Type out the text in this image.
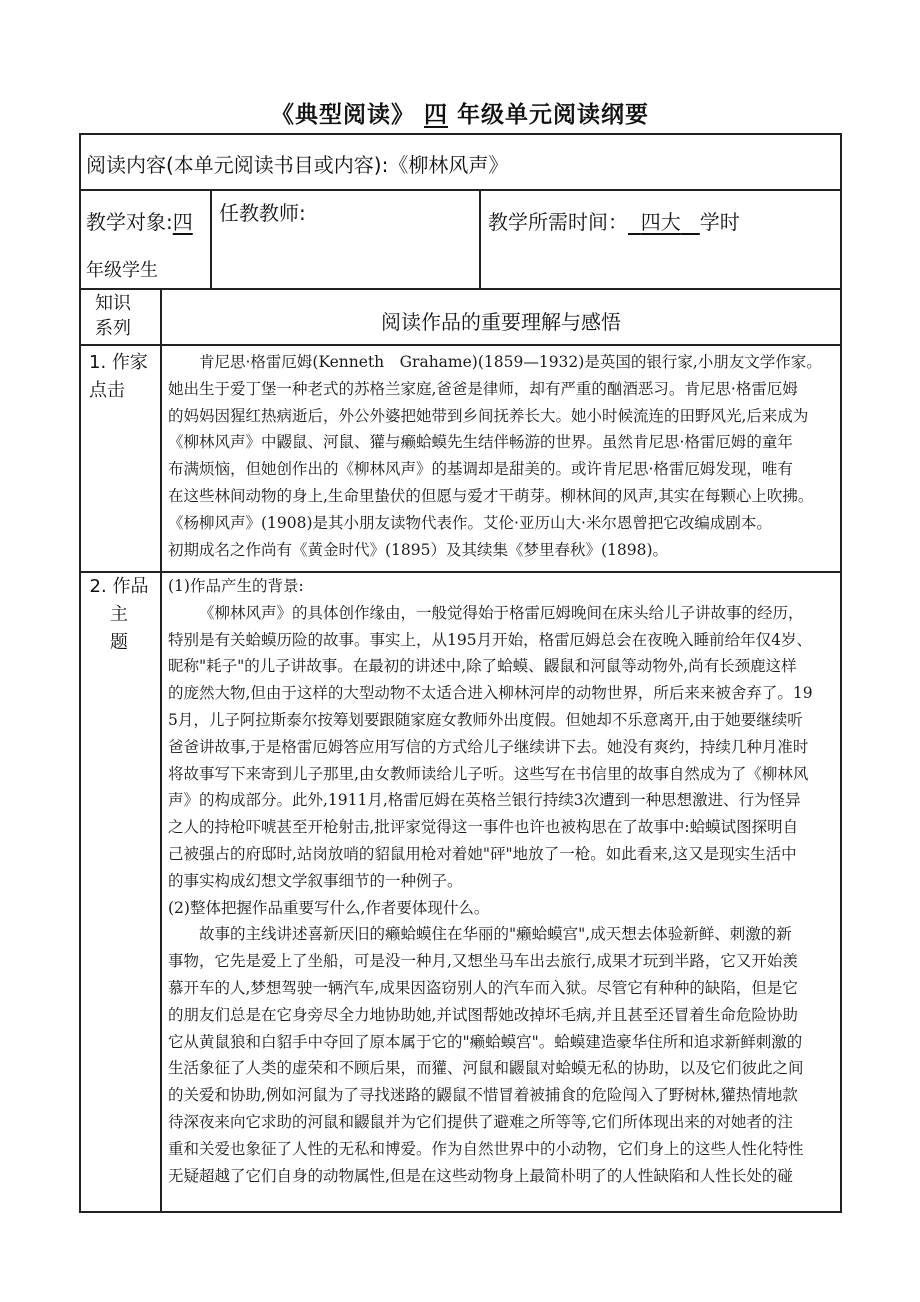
《典型阅读》 四 年级单元阅读纲要
阅读内容(本单元阅读书目或内容):《柳林风声》
教学对象:四
年级学生
任教教师:	教学所需时间： 四大 学时
知识
系列	阅读作品的重要理解与感悟
1. 作家
点击

肯尼思·格雷厄姆(Kenneth　Grahame)(1859—1932)是英国的银行家,小朋友文学作家。

她出生于爱丁堡一种老式的苏格兰家庭,爸爸是律师，却有严重的酗酒恶习。肯尼思·格雷厄姆

的妈妈因猩红热病逝后，外公外婆把她带到乡间抚养长大。她小时候流连的田野风光,后来成为

《柳林风声》中鼹鼠、河鼠、獾与癞蛤蟆先生结伴畅游的世界。虽然肯尼思·格雷厄姆的童年

布满烦恼，但她创作出的《柳林风声》的基调却是甜美的。或许肯尼思·格雷厄姆发现，唯有

在这些林间动物的身上,生命里蛰伏的但愿与爱才干萌芽。柳林间的风声,其实在每颗心上吹拂。

《杨柳风声》(1908)是其小朋友读物代表作。艾伦·亚历山大·米尔恩曾把它改编成剧本。

初期成名之作尚有《黄金时代》(1895）及其续集《梦里春秋》(1898)。

2. 作品
主
题

(1)作品产生的背景:

《柳林风声》的具体创作缘由，一般觉得始于格雷厄姆晚间在床头给儿子讲故事的经历，

特别是有关蛤蟆历险的故事。事实上，从195月开始，格雷厄姆总会在夜晚入睡前给年仅4岁、

昵称"耗子"的儿子讲故事。在最初的讲述中,除了蛤蟆、鼹鼠和河鼠等动物外,尚有长颈鹿这样

的庞然大物,但由于这样的大型动物不太适合进入柳林河岸的动物世界，所后来来被舍弃了。19

5月，儿子阿拉斯泰尔按筹划要跟随家庭女教师外出度假。但她却不乐意离开,由于她要继续听

爸爸讲故事,于是格雷厄姆答应用写信的方式给儿子继续讲下去。她没有爽约，持续几种月准时

将故事写下来寄到儿子那里,由女教师读给儿子听。这些写在书信里的故事自然成为了《柳林风

声》的构成部分。此外,1911月,格雷厄姆在英格兰银行持续3次遭到一种思想激进、行为怪异

之人的持枪吓唬甚至开枪射击,批评家觉得这一事件也许也被构思在了故事中:蛤蟆试图探明自

己被强占的府邸时,站岗放哨的貂鼠用枪对着她"砰"地放了一枪。如此看来,这又是现实生活中

的事实构成幻想文学叙事细节的一种例子。

(2)整体把握作品重要写什么,作者要体现什么。

故事的主线讲述喜新厌旧的癞蛤蟆住在华丽的"癞蛤蟆宫",成天想去体验新鲜、刺激的新

事物，它先是爱上了坐船，可是没一种月,又想坐马车出去旅行,成果才玩到半路，它又开始羡

慕开车的人,梦想驾驶一辆汽车,成果因盗窃别人的汽车而入狱。尽管它有种种的缺陷，但是它

的朋友们总是在它身旁尽全力地协助她,并试图帮她改掉坏毛病,并且甚至还冒着生命危险协助

它从黄鼠狼和白貂手中夺回了原本属于它的"癞蛤蟆宫"。蛤蟆建造豪华住所和追求新鲜刺激的

生活象征了人类的虚荣和不顾后果，而獾、河鼠和鼹鼠对蛤蟆无私的协助，以及它们彼此之间

的关爱和协助,例如河鼠为了寻找迷路的鼹鼠不惜冒着被捕食的危险闯入了野树林,獾热情地款

待深夜来向它求助的河鼠和鼹鼠并为它们提供了避难之所等等,它们所体现出来的对她者的注

重和关爱也象征了人性的无私和博爱。作为自然世界中的小动物，它们身上的这些人性化特性

无疑超越了它们自身的动物属性,但是在这些动物身上最简朴明了的人性缺陷和人性长处的碰
